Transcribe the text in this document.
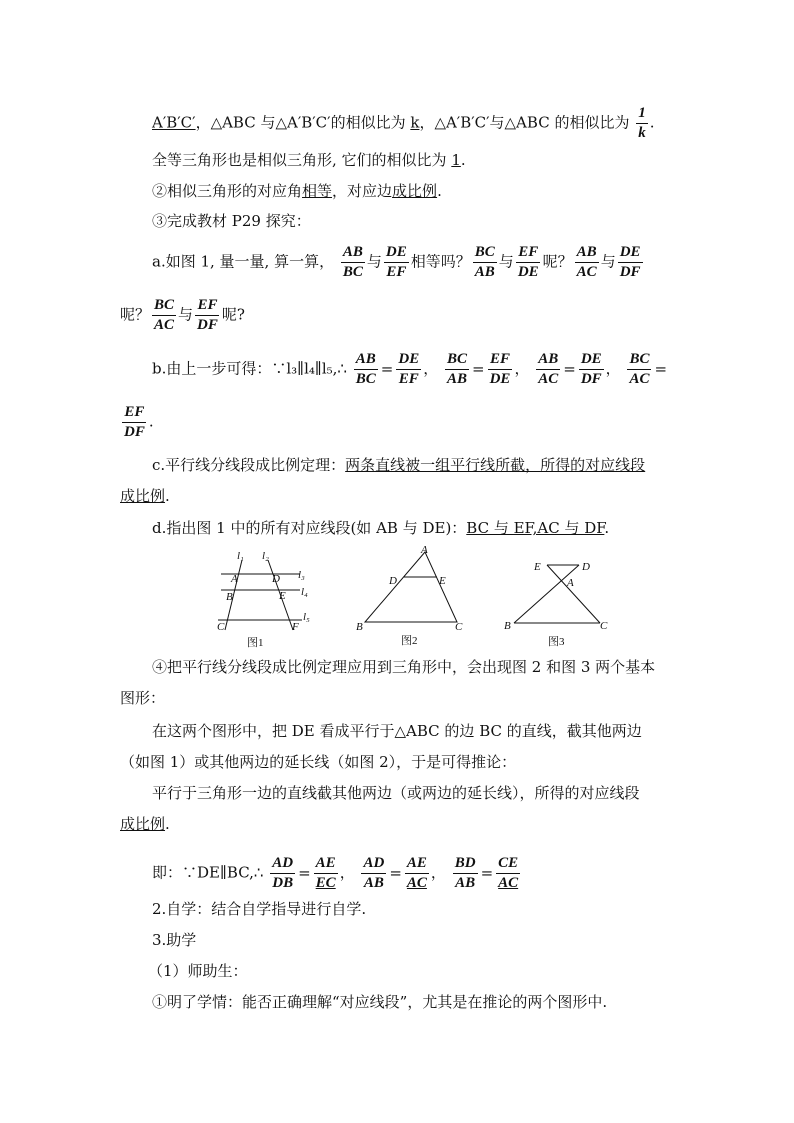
A′B′C′，△ABC 与△A′B′C′的相似比为 k，△A′B′C′与△ABC 的相似比为 $\frac{1}{k}$ .
全等三角形也是相似三角形, 它们的相似比为 1.
②相似三角形的对应角相等，对应边成比例.
③完成教材 P29 探究：
a.如图 1, 量一量, 算一算， $\frac{AB}{BC}$ 与 $\frac{DE}{EF}$ 相等吗？ $\frac{BC}{AB}$ 与 $\frac{EF}{DE}$ 呢？ $\frac{AB}{AC}$ 与 $\frac{DE}{DF}$
呢？ $\frac{BC}{AC}$ 与 $\frac{EF}{DF}$ 呢?
b.由上一步可得：∵l₃∥l₄∥l₅,∴ $\frac{AB}{BC} = \frac{DE}{EF}$ ， $\frac{BC}{AB} = \frac{EF}{DE}$ ， $\frac{AB}{AC} = \frac{DE}{DF}$ ， $\frac{BC}{AC}$ =
$\frac{EF}{DF}$ .
c.平行线分线段成比例定理：两条直线被一组平行线所截，所得的对应线段
成比例.
d.指出图 1 中的所有对应线段(如 AB 与 DE)：BC 与 EF,AC 与 DF.
l₁ l₂
l₃
l₄
l₅
A	D
B	E
C	F
图1
A
D	E
B	C
图2
E	D
A
B	C
图3
④把平行线分线段成比例定理应用到三角形中，会出现图 2 和图 3 两个基本
图形：
在这两个图形中，把 DE 看成平行于△ABC 的边 BC 的直线，截其他两边
（如图 1）或其他两边的延长线（如图 2），于是可得推论：
平行于三角形一边的直线截其他两边（或两边的延长线），所得的对应线段
成比例.
即：∵DE∥BC,∴ $\frac{AD}{DB} = \frac{AE}{EC}$ ， $\frac{AD}{AB} = \frac{AE}{AC}$ ， $\frac{BD}{AB} = \frac{CE}{AC}$
2.自学：结合自学指导进行自学.
3.助学
（1）师助生：
①明了学情：能否正确理解“对应线段”，尤其是在推论的两个图形中.
